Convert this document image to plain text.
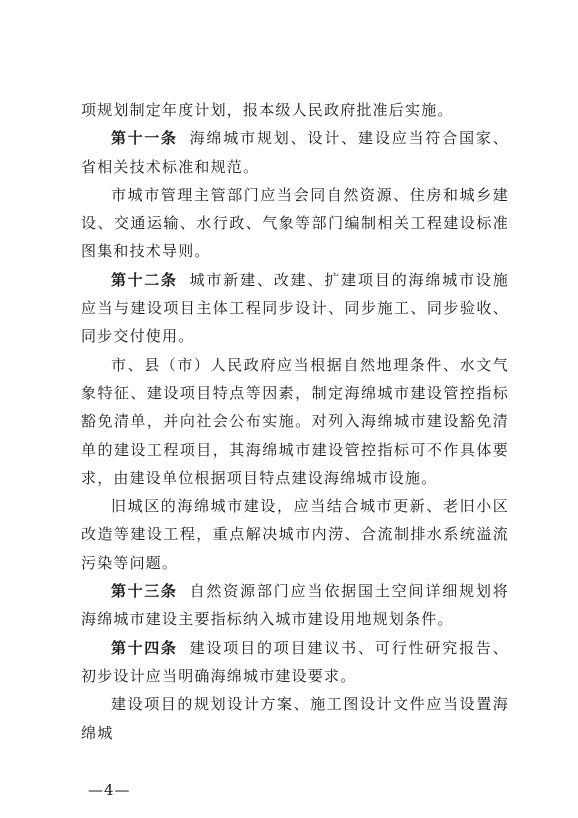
项规划制定年度计划，报本级人民政府批准后实施。

第十一条 海绵城市规划、设计、建设应当符合国家、省相关技术标准和规范。

市城市管理主管部门应当会同自然资源、住房和城乡建设、交通运输、水行政、气象等部门编制相关工程建设标准图集和技术导则。

第十二条 城市新建、改建、扩建项目的海绵城市设施应当与建设项目主体工程同步设计、同步施工、同步验收、同步交付使用。

市、县（市）人民政府应当根据自然地理条件、水文气象特征、建设项目特点等因素，制定海绵城市建设管控指标豁免清单，并向社会公布实施。对列入海绵城市建设豁免清单的建设工程项目，其海绵城市建设管控指标可不作具体要求，由建设单位根据项目特点建设海绵城市设施。

旧城区的海绵城市建设，应当结合城市更新、老旧小区改造等建设工程，重点解决城市内涝、合流制排水系统溢流污染等问题。

第十三条 自然资源部门应当依据国土空间详细规划将海绵城市建设主要指标纳入城市建设用地规划条件。

第十四条 建设项目的项目建议书、可行性研究报告、初步设计应当明确海绵城市建设要求。

建设项目的规划设计方案、施工图设计文件应当设置海绵城

—4—
